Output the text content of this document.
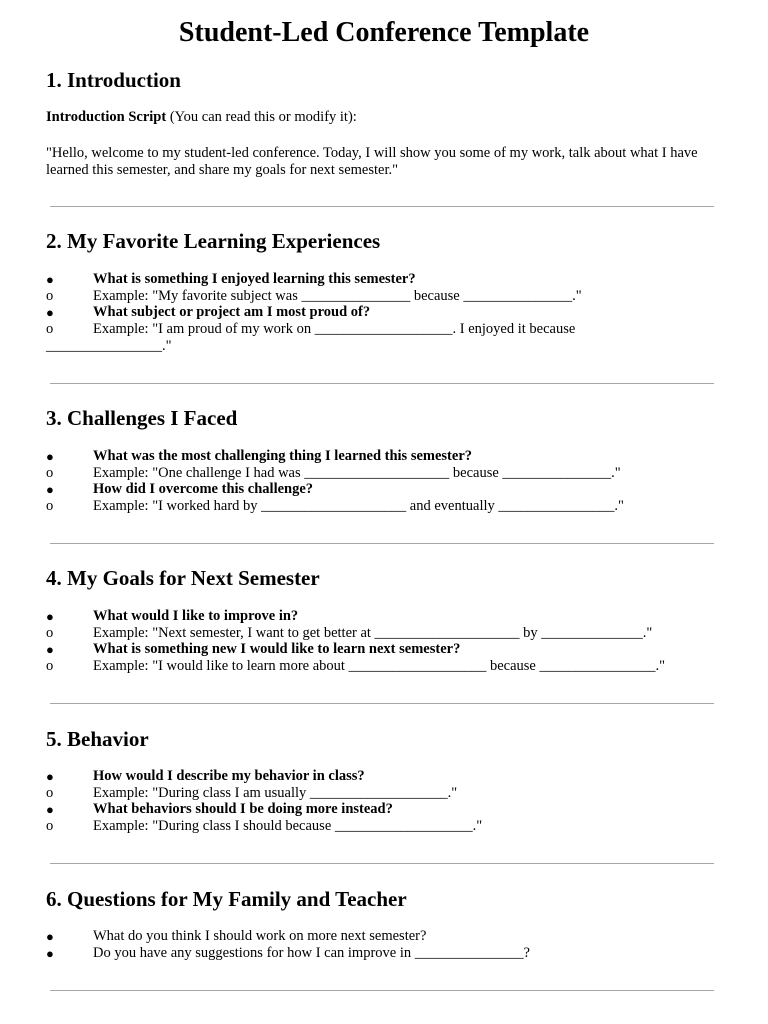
Student-Led Conference Template
1. Introduction

Introduction Script (You can read this or modify it):

"Hello, welcome to my student-led conference. Today, I will show you some of my work, talk about what I have learned this semester, and share my goals for next semester."

2. My Favorite Learning Experiences
●	What is something I enjoyed learning this semester?
o	Example: "My favorite subject was _______________ because _______________."
●	What subject or project am I most proud of?
o	Example: "I am proud of my work on ___________________. I enjoyed it because
________________."
3. Challenges I Faced
●	What was the most challenging thing I learned this semester?
o	Example: "One challenge I had was ____________________ because _______________."
●	How did I overcome this challenge?
o	Example: "I worked hard by ____________________ and eventually ________________."
4. My Goals for Next Semester
●	What would I like to improve in?
o	Example: "Next semester, I want to get better at ____________________ by ______________."
●	What is something new I would like to learn next semester?
o	Example: "I would like to learn more about ___________________ because ________________."
5. Behavior
●	How would I describe my behavior in class?
o	Example: "During class I am usually ___________________."
●	What behaviors should I be doing more instead?
o	Example: "During class I should because ___________________."
6. Questions for My Family and Teacher
●	What do you think I should work on more next semester?
●	Do you have any suggestions for how I can improve in _______________?
